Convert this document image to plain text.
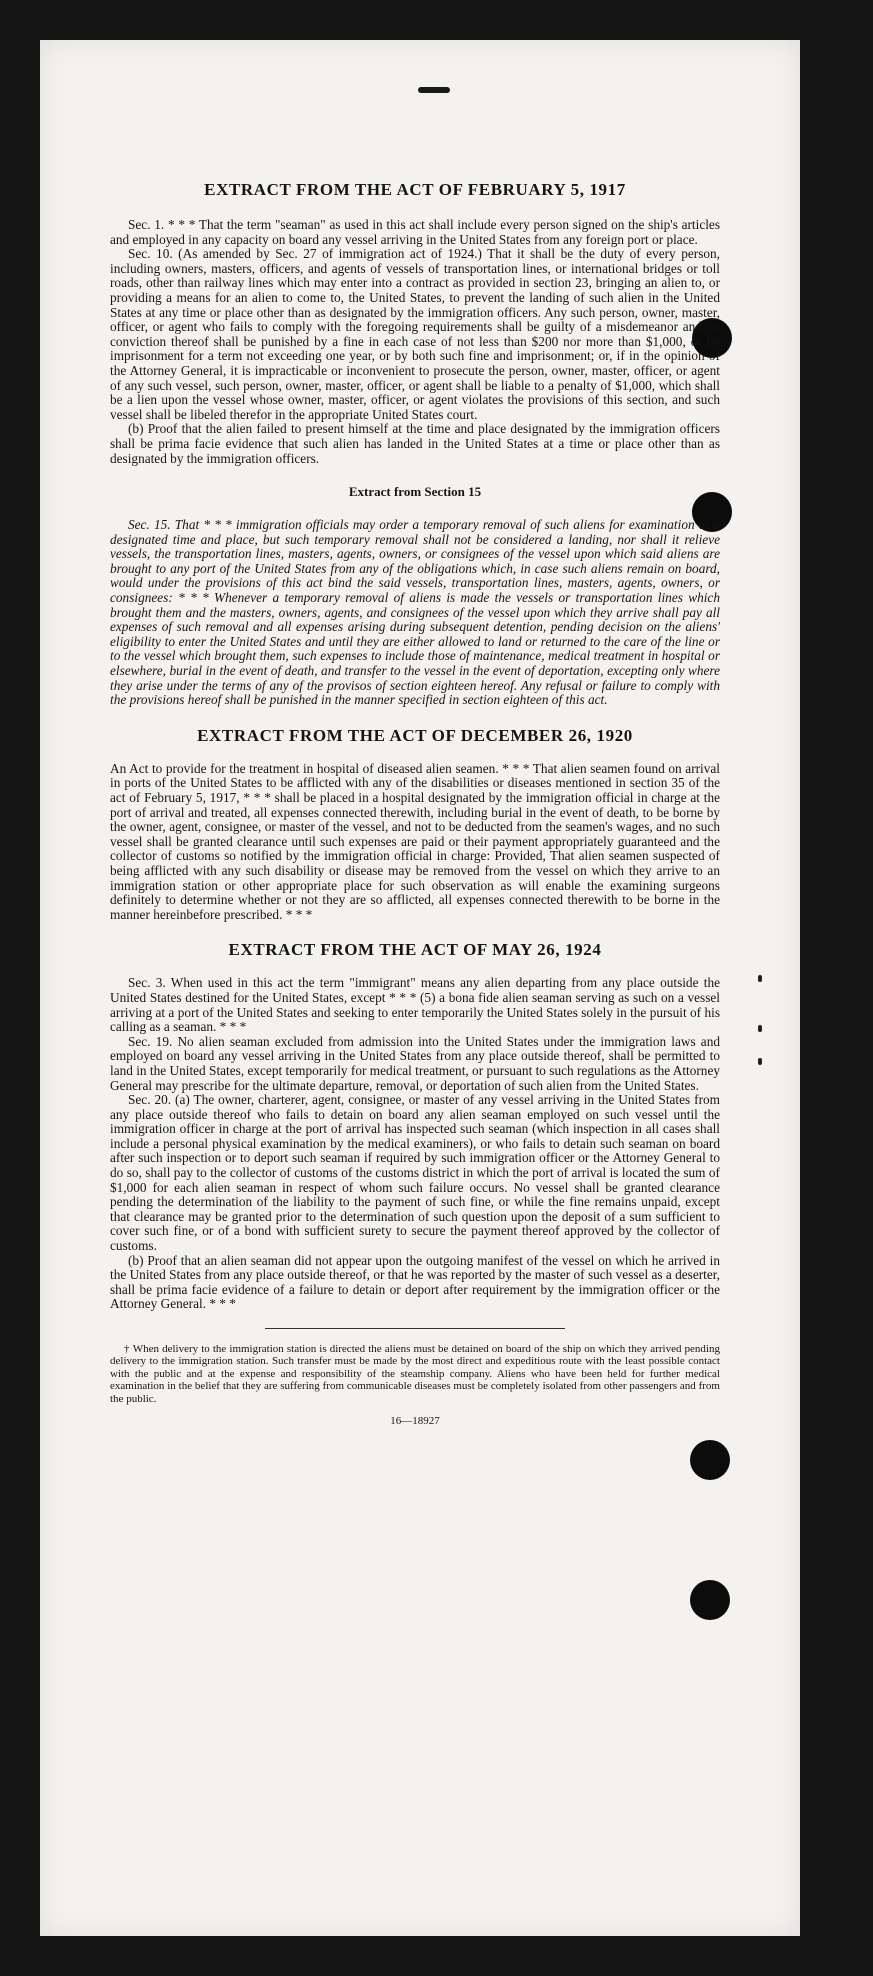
EXTRACT FROM THE ACT OF FEBRUARY 5, 1917

Sec. 1. * * * That the term "seaman" as used in this act shall include every person signed on the ship's articles and employed in any capacity on board any vessel arriving in the United States from any foreign port or place.

Sec. 10. (As amended by Sec. 27 of immigration act of 1924.) That it shall be the duty of every person, including owners, masters, officers, and agents of vessels of transportation lines, or international bridges or toll roads, other than railway lines which may enter into a contract as provided in section 23, bringing an alien to, or providing a means for an alien to come to, the United States, to prevent the landing of such alien in the United States at any time or place other than as designated by the immigration officers. Any such person, owner, master, officer, or agent who fails to comply with the foregoing requirements shall be guilty of a misdemeanor and on conviction thereof shall be punished by a fine in each case of not less than $200 nor more than $1,000, or by imprisonment for a term not exceeding one year, or by both such fine and imprisonment; or, if in the opinion of the Attorney General, it is impracticable or inconvenient to prosecute the person, owner, master, officer, or agent of any such vessel, such person, owner, master, officer, or agent shall be liable to a penalty of $1,000, which shall be a lien upon the vessel whose owner, master, officer, or agent violates the provisions of this section, and such vessel shall be libeled therefor in the appropriate United States court.

(b) Proof that the alien failed to present himself at the time and place designated by the immigration officers shall be prima facie evidence that such alien has landed in the United States at a time or place other than as designated by the immigration officers.

Extract from Section 15

Sec. 15. That * * * immigration officials may order a temporary removal of such aliens for examination at a designated time and place, but such temporary removal shall not be considered a landing, nor shall it relieve vessels, the transportation lines, masters, agents, owners, or consignees of the vessel upon which said aliens are brought to any port of the United States from any of the obligations which, in case such aliens remain on board, would under the provisions of this act bind the said vessels, transportation lines, masters, agents, owners, or consignees: * * * Whenever a temporary removal of aliens is made the vessels or transportation lines which brought them and the masters, owners, agents, and consignees of the vessel upon which they arrive shall pay all expenses of such removal and all expenses arising during subsequent detention, pending decision on the aliens' eligibility to enter the United States and until they are either allowed to land or returned to the care of the line or to the vessel which brought them, such expenses to include those of maintenance, medical treatment in hospital or elsewhere, burial in the event of death, and transfer to the vessel in the event of deportation, excepting only where they arise under the terms of any of the provisos of section eighteen hereof. Any refusal or failure to comply with the provisions hereof shall be punished in the manner specified in section eighteen of this act.

EXTRACT FROM THE ACT OF DECEMBER 26, 1920

An Act to provide for the treatment in hospital of diseased alien seamen. * * * That alien seamen found on arrival in ports of the United States to be afflicted with any of the disabilities or diseases mentioned in section 35 of the act of February 5, 1917, * * * shall be placed in a hospital designated by the immigration official in charge at the port of arrival and treated, all expenses connected therewith, including burial in the event of death, to be borne by the owner, agent, consignee, or master of the vessel, and not to be deducted from the seamen's wages, and no such vessel shall be granted clearance until such expenses are paid or their payment appropriately guaranteed and the collector of customs so notified by the immigration official in charge: Provided, That alien seamen suspected of being afflicted with any such disability or disease may be removed from the vessel on which they arrive to an immigration station or other appropriate place for such observation as will enable the examining surgeons definitely to determine whether or not they are so afflicted, all expenses connected therewith to be borne in the manner hereinbefore prescribed. * * *

EXTRACT FROM THE ACT OF MAY 26, 1924

Sec. 3. When used in this act the term "immigrant" means any alien departing from any place outside the United States destined for the United States, except * * * (5) a bona fide alien seaman serving as such on a vessel arriving at a port of the United States and seeking to enter temporarily the United States solely in the pursuit of his calling as a seaman. * * *

Sec. 19. No alien seaman excluded from admission into the United States under the immigration laws and employed on board any vessel arriving in the United States from any place outside thereof, shall be permitted to land in the United States, except temporarily for medical treatment, or pursuant to such regulations as the Attorney General may prescribe for the ultimate departure, removal, or deportation of such alien from the United States.

Sec. 20. (a) The owner, charterer, agent, consignee, or master of any vessel arriving in the United States from any place outside thereof who fails to detain on board any alien seaman employed on such vessel until the immigration officer in charge at the port of arrival has inspected such seaman (which inspection in all cases shall include a personal physical examination by the medical examiners), or who fails to detain such seaman on board after such inspection or to deport such seaman if required by such immigration officer or the Attorney General to do so, shall pay to the collector of customs of the customs district in which the port of arrival is located the sum of $1,000 for each alien seaman in respect of whom such failure occurs. No vessel shall be granted clearance pending the determination of the liability to the payment of such fine, or while the fine remains unpaid, except that clearance may be granted prior to the determination of such question upon the deposit of a sum sufficient to cover such fine, or of a bond with sufficient surety to secure the payment thereof approved by the collector of customs.

(b) Proof that an alien seaman did not appear upon the outgoing manifest of the vessel on which he arrived in the United States from any place outside thereof, or that he was reported by the master of such vessel as a deserter, shall be prima facie evidence of a failure to detain or deport after requirement by the immigration officer or the Attorney General. * * *

† When delivery to the immigration station is directed the aliens must be detained on board of the ship on which they arrived pending delivery to the immigration station. Such transfer must be made by the most direct and expeditious route with the least possible contact with the public and at the expense and responsibility of the steamship company. Aliens who have been held for further medical examination in the belief that they are suffering from communicable diseases must be completely isolated from other passengers and from the public.

16—18927
